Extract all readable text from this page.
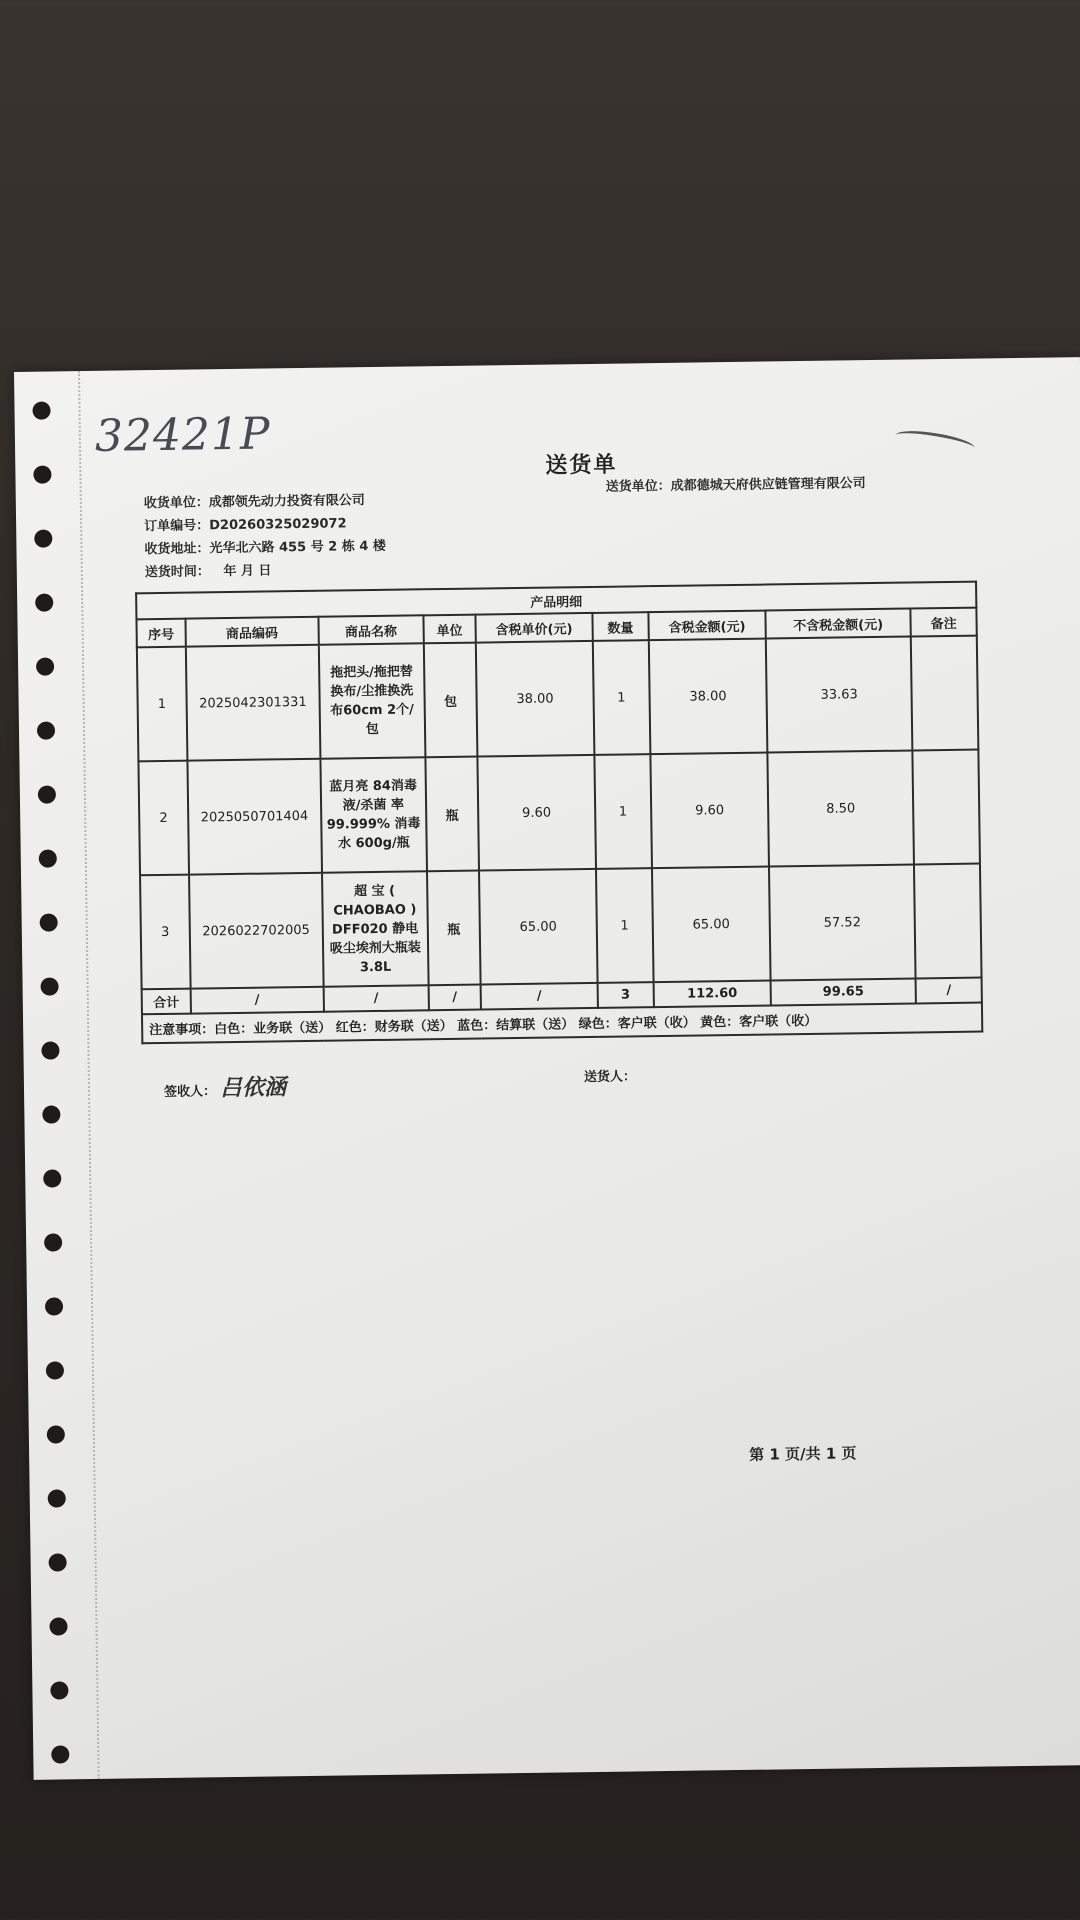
32421P
送货单
送货单位：成都德城天府供应链管理有限公司
收货单位：成都领先动力投资有限公司
订单编号：D20260325029072
收货地址：光华北六路 455 号 2 栋 4 楼
送货时间： 年 月 日
产品明细								
序号	商品编码	商品名称	单位	含税单价(元)	数量	含税金额(元)	不含税金额(元)	备注
1	2025042301331	拖把头/拖把替换布/尘推换洗布60cm 2个/包	包	38.00	1	38.00	33.63	
2	2025050701404	蓝月亮 84消毒液/杀菌 率99.999% 消毒水 600g/瓶	瓶	9.60	1	9.60	8.50	
3	2026022702005	超 宝 ( CHAOBAO ) DFF020 静电吸尘埃剂大瓶装 3.8L	瓶	65.00	1	65.00	57.52	
合计	/	/	/	/	3	112.60	99.65	/
注意事项：白色：业务联（送） 红色：财务联（送） 蓝色：结算联（送） 绿色：客户联（收） 黄色：客户联（收）								
签收人： 吕依涵	送货人：
第 1 页/共 1 页
